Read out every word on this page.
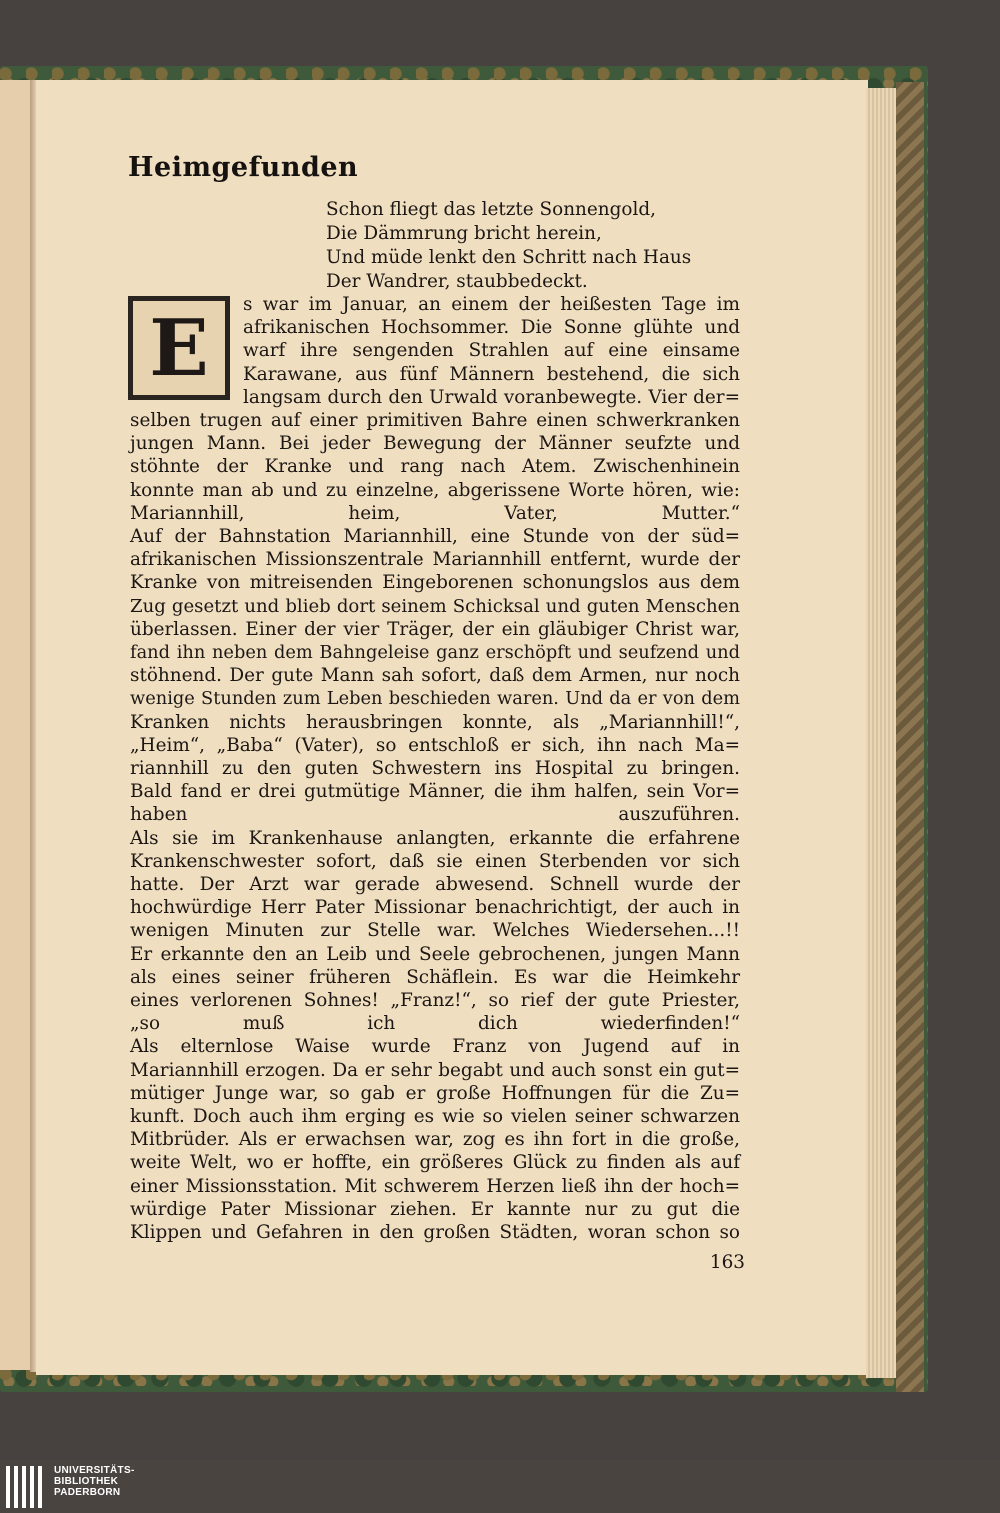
Heimgefunden
Schon fliegt das letzte Sonnengold,
Die Dämmrung bricht herein,
Und müde lenkt den Schritt nach Haus
Der Wandrer, staubbedeckt.
E	s war im Januar, an einem der heißesten Tage im
afrikanischen Hochsommer. Die Sonne glühte und
warf ihre sengenden Strahlen auf eine einsame
Karawane, aus fünf Männern bestehend, die sich
langsam durch den Urwald voranbewegte. Vier der=
selben trugen auf einer primitiven Bahre einen schwerkranken
jungen Mann. Bei jeder Bewegung der Männer seufzte und
stöhnte der Kranke und rang nach Atem. Zwischenhinein
konnte man ab und zu einzelne, abgerissene Worte hören, wie:
Mariannhill, heim, Vater, Mutter.“
Auf der Bahnstation Mariannhill, eine Stunde von der süd=
afrikanischen Missionszentrale Mariannhill entfernt, wurde der
Kranke von mitreisenden Eingeborenen schonungslos aus dem
Zug gesetzt und blieb dort seinem Schicksal und guten Menschen
überlassen. Einer der vier Träger, der ein gläubiger Christ war,
fand ihn neben dem Bahngeleise ganz erschöpft und seufzend und
stöhnend. Der gute Mann sah sofort, daß dem Armen, nur noch
wenige Stunden zum Leben beschieden waren. Und da er von dem
Kranken nichts herausbringen konnte, als „Mariannhill!“,
„Heim“, „Baba“ (Vater), so entschloß er sich, ihn nach Ma=
riannhill zu den guten Schwestern ins Hospital zu bringen.
Bald fand er drei gutmütige Männer, die ihm halfen, sein Vor=
haben auszuführen.
Als sie im Krankenhause anlangten, erkannte die erfahrene
Krankenschwester sofort, daß sie einen Sterbenden vor sich
hatte. Der Arzt war gerade abwesend. Schnell wurde der
hochwürdige Herr Pater Missionar benachrichtigt, der auch in
wenigen Minuten zur Stelle war. Welches Wiedersehen...!!
Er erkannte den an Leib und Seele gebrochenen, jungen Mann
als eines seiner früheren Schäflein. Es war die Heimkehr
eines verlorenen Sohnes! „Franz!“, so rief der gute Priester,
„so muß ich dich wiederfinden!“
Als elternlose Waise wurde Franz von Jugend auf in
Mariannhill erzogen. Da er sehr begabt und auch sonst ein gut=
mütiger Junge war, so gab er große Hoffnungen für die Zu=
kunft. Doch auch ihm erging es wie so vielen seiner schwarzen
Mitbrüder. Als er erwachsen war, zog es ihn fort in die große,
weite Welt, wo er hoffte, ein größeres Glück zu finden als auf
einer Missionsstation. Mit schwerem Herzen ließ ihn der hoch=
würdige Pater Missionar ziehen. Er kannte nur zu gut die
Klippen und Gefahren in den großen Städten, woran schon so
163
UNIVERSITÄTS-
BIBLIOTHEK
PADERBORN
